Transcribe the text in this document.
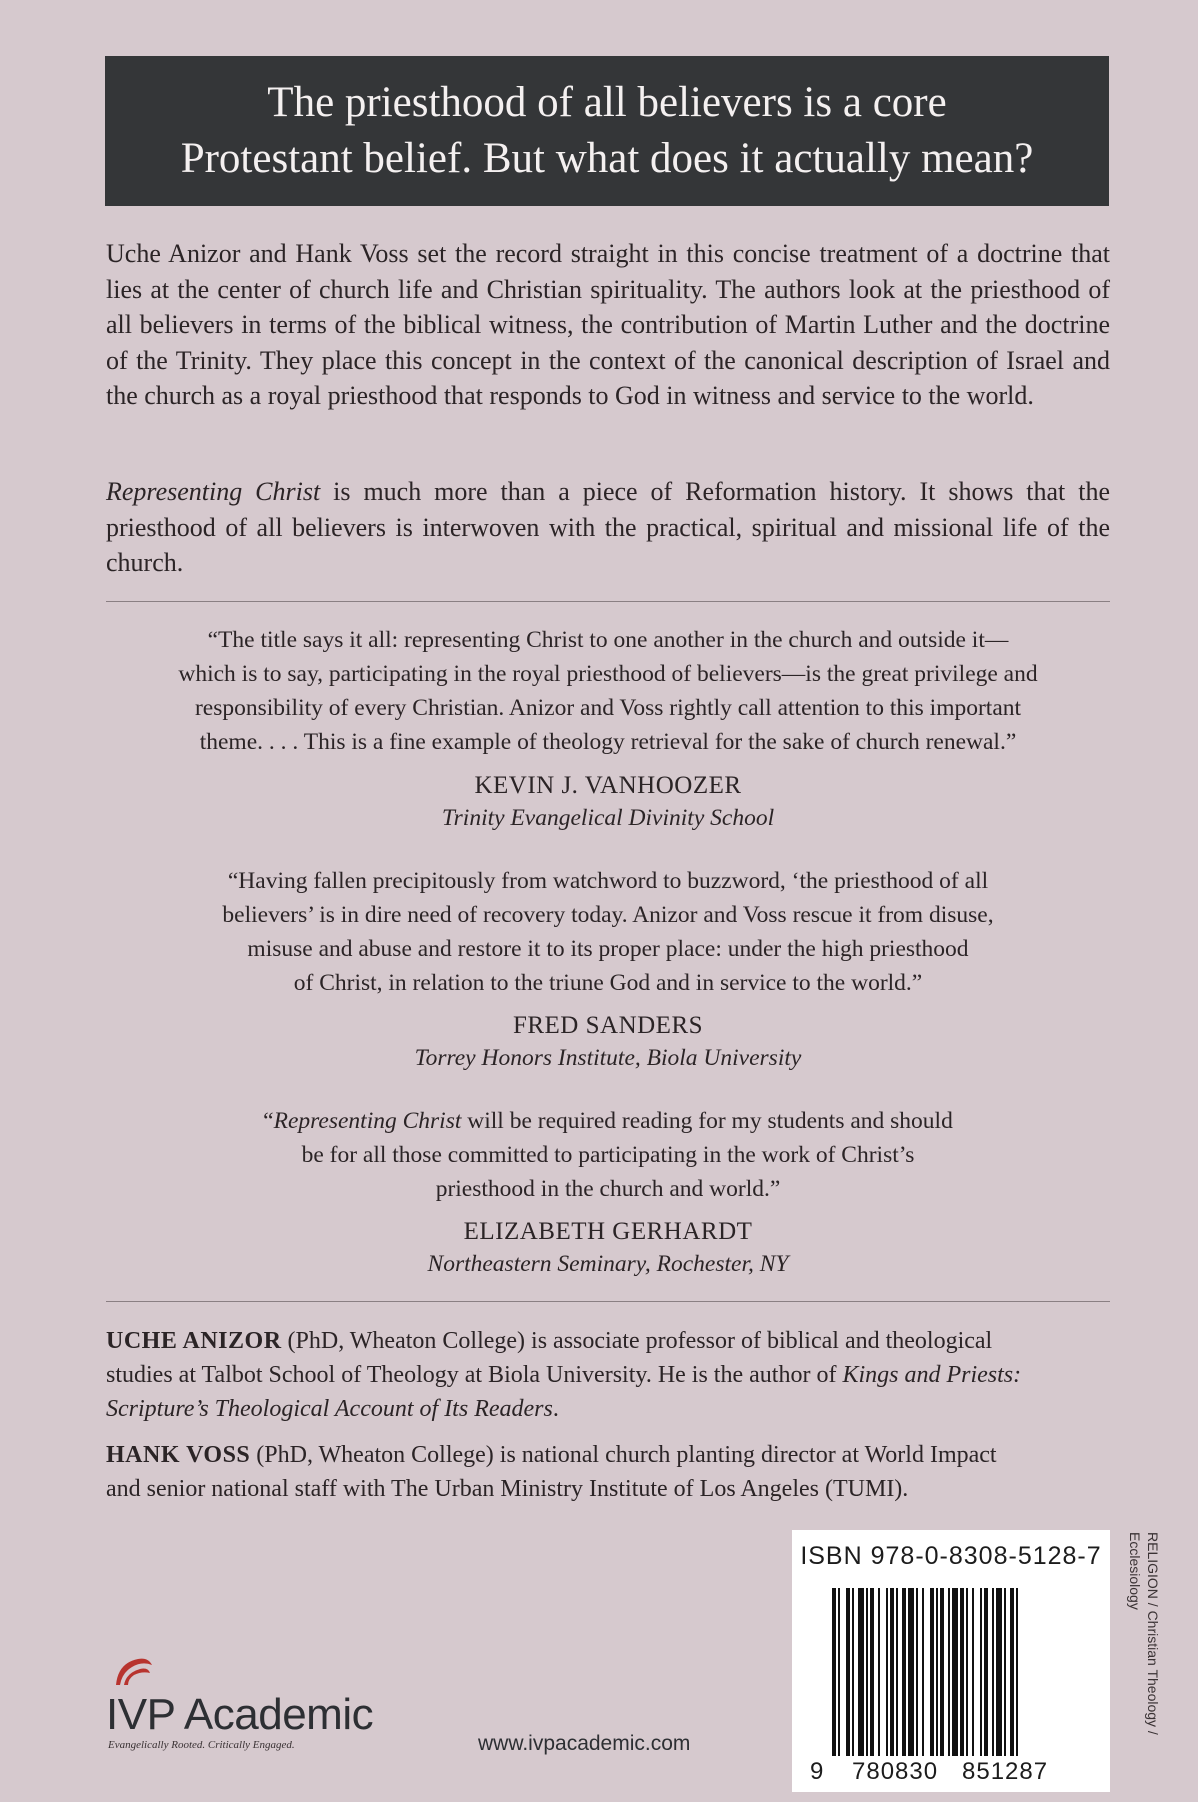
The priesthood of all believers is a core
Protestant belief. But what does it actually mean?

Uche Anizor and Hank Voss set the record straight in this concise treatment of a doctrine that lies at the center of church life and Christian spirituality. The authors look at the priesthood of all believers in terms of the biblical witness, the contribution of Martin Luther and the doctrine of the Trinity. They place this concept in the context of the canonical description of Israel and the church as a royal priesthood that responds to God in witness and service to the world.

Representing Christ is much more than a piece of Reformation history. It shows that the priesthood of all believers is interwoven with the practical, spiritual and missional life of the church.

“The title says it all: representing Christ to one another in the church and outside it—
which is to say, participating in the royal priesthood of believers—is the great privilege and
responsibility of every Christian. Anizor and Voss rightly call attention to this important
theme. . . . This is a fine example of theology retrieval for the sake of church renewal.”

KEVIN J. VANHOOZER
Trinity Evangelical Divinity School

“Having fallen precipitously from watchword to buzzword, ‘the priesthood of all
believers’ is in dire need of recovery today. Anizor and Voss rescue it from disuse,
misuse and abuse and restore it to its proper place: under the high priesthood
of Christ, in relation to the triune God and in service to the world.”

FRED SANDERS
Torrey Honors Institute, Biola University

“Representing Christ will be required reading for my students and should
be for all those committed to participating in the work of Christ’s
priesthood in the church and world.”

ELIZABETH GERHARDT
Northeastern Seminary, Rochester, NY

UCHE ANIZOR (PhD, Wheaton College) is associate professor of biblical and theological
studies at Talbot School of Theology at Biola University. He is the author of Kings and Priests:
Scripture’s Theological Account of Its Readers.

HANK VOSS (PhD, Wheaton College) is national church planting director at World Impact
and senior national staff with The Urban Ministry Institute of Los Angeles (TUMI).

IVP Academic
Evangelically Rooted. Critically Engaged.	www.ivpacademic.com
ISBN 978-0-8308-5128-7
9 780830 851287
RELIGION / Christian Theology /
Ecclesiology
